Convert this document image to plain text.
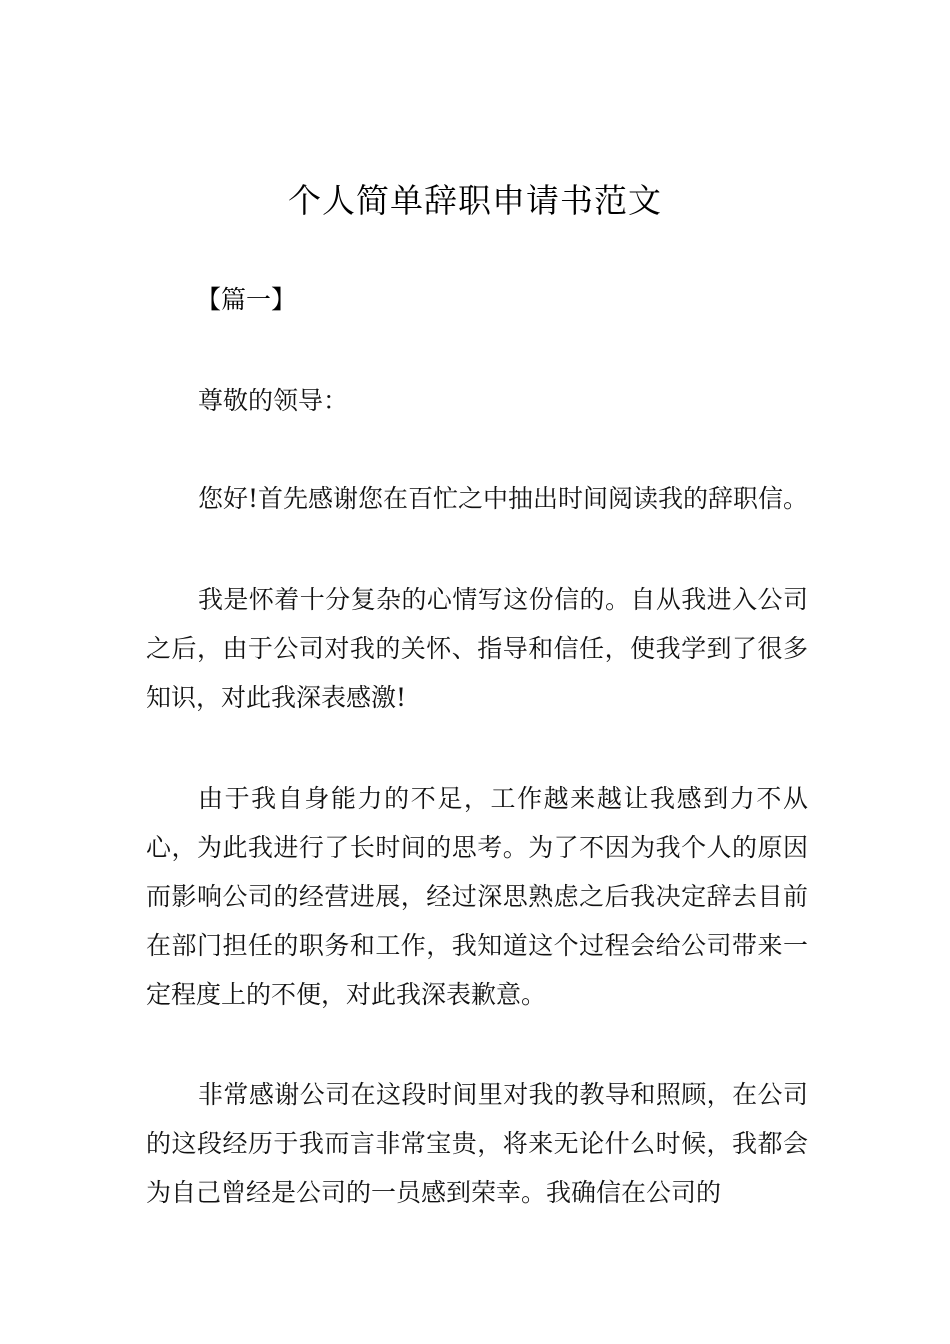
个人简单辞职申请书范文
【篇一】
尊敬的领导：
您好!首先感谢您在百忙之中抽出时间阅读我的辞职信。
我是怀着十分复杂的心情写这份信的。自从我进入公司之后，由于公司对我的关怀、指导和信任，使我学到了很多知识，对此我深表感激!
由于我自身能力的不足，工作越来越让我感到力不从心，为此我进行了长时间的思考。为了不因为我个人的原因而影响公司的经营进展，经过深思熟虑之后我决定辞去目前在部门担任的职务和工作，我知道这个过程会给公司带来一定程度上的不便，对此我深表歉意。
非常感谢公司在这段时间里对我的教导和照顾，在公司的这段经历于我而言非常宝贵，将来无论什么时候，我都会为自己曾经是公司的一员感到荣幸。我确信在公司的
